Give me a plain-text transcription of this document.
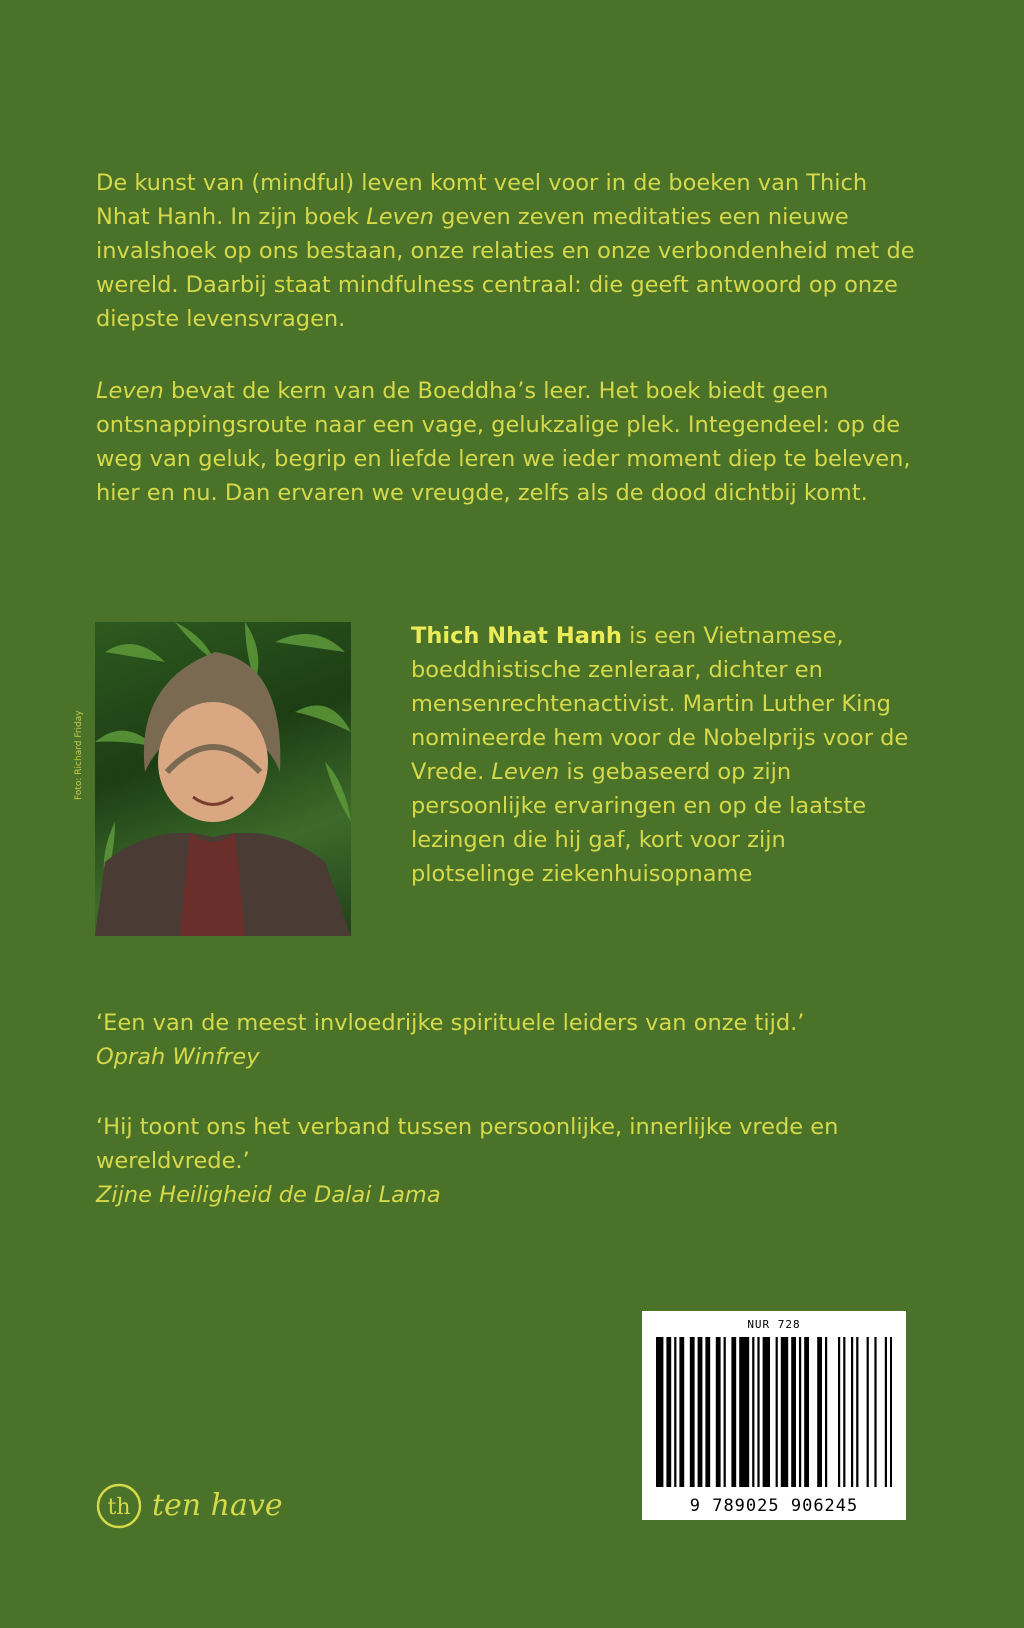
De kunst van (mindful) leven komt veel voor in de boeken van Thich Nhat Hanh. In zijn boek Leven geven zeven meditaties een nieuwe invalshoek op ons bestaan, onze relaties en onze verbondenheid met de wereld. Daarbij staat mindfulness centraal: die geeft antwoord op onze diepste levensvragen.

Leven bevat de kern van de Boeddha’s leer. Het boek biedt geen ontsnappingsroute naar een vage, gelukzalige plek. Integendeel: op de weg van geluk, begrip en liefde leren we ieder moment diep te beleven, hier en nu. Dan ervaren we vreugde, zelfs als de dood dichtbij komt.

Foto: Richard Friday
Thich Nhat Hanh is een Vietnamese, boeddhistische zenleraar, dichter en mensenrechtenactivist. Martin Luther King nomineerde hem voor de Nobelprijs voor de Vrede. Leven is gebaseerd op zijn persoonlijke ervaringen en op de laatste lezingen die hij gaf, kort voor zijn plotselinge ziekenhuisopname
‘Een van de meest invloedrijke spirituele leiders van onze tijd.’
Oprah Winfrey
‘Hij toont ons het verband tussen persoonlijke, innerlijke vrede en wereldvrede.’
Zijne Heiligheid de Dalai Lama
NUR 728
9 789025 906245
th ten have
